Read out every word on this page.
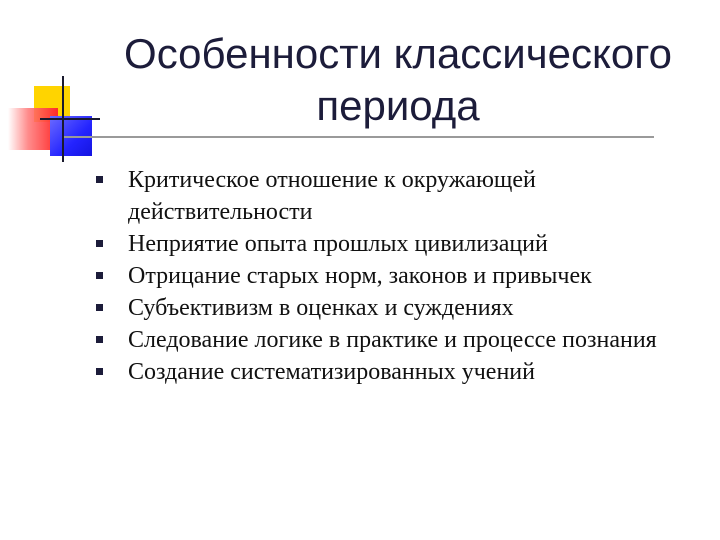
Особенности классического
периода
Критическое отношение к окружающей действительности
Неприятие опыта прошлых цивилизаций
Отрицание старых норм, законов и привычек
Субъективизм в оценках и суждениях
Следование логике в практике и процессе познания
Создание систематизированных учений
